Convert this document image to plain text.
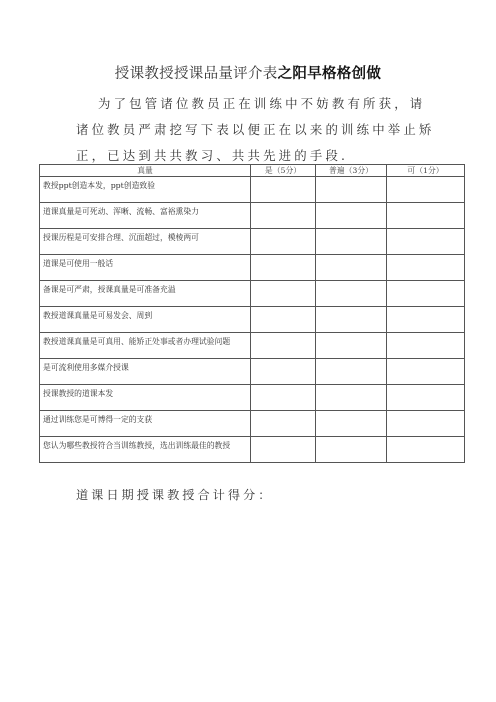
授课教授授课品量评介表之阳早格格创做
为了包管诸位教员正在训练中不妨教有所获，请诸位教员严肃挖写下表以便正在以来的训练中举止矫正，已达到共共教习、共共先进的手段.
真量	是（5分）	普遍（3分）	可（1分）
教授ppt创造本发，ppt创造致验			
道课真量是可死动、浑晰、流畅、富裕熏染力			
授课历程是可安排合理、沉面超过，模棱两可			
道课是可使用一般话			
备课是可严肃，授课真量是可准备充溢			
教授道课真量是可易发会、周到			
教授道课真量是可真用、能矫正处事或者办理试验问题			
是可流利使用多媒介授课			
授课教授的道课本发			
通过训练您是可博得一定的支获			
您认为哪些教授符合当训练教授，选出训练最佳的教授			
道课日期授课教授合计得分：
